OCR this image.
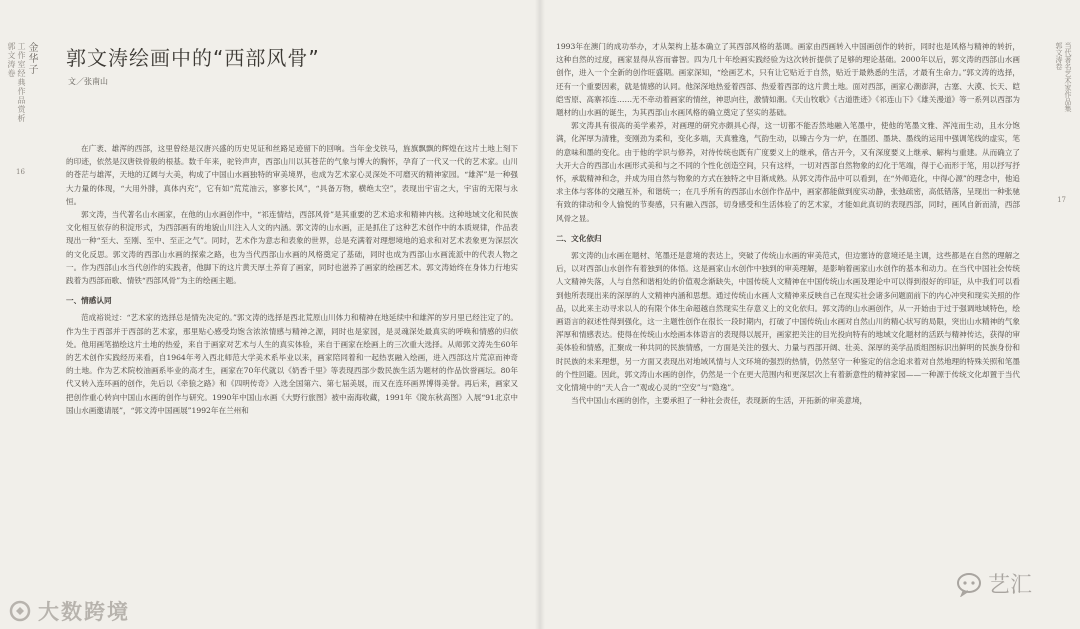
金华子
工作室经典作品赏析
郭文涛卷
16
郭文涛绘画中的“西部风骨”
文／张南山

在广袤、雄浑的西部，这里曾经是汉唐兴盛的历史见证和丝路足迹留下的回响。当年金戈铁马，旌旗飘飘的辉煌在这片土地上刻下的印迹，依然是汉唐铁骨般的根基。数千年来，驼铃声声，西部山川以其苍茫的气象与博大的胸怀，孕育了一代又一代的艺术家。山川的苍茫与雄浑，天地的辽阔与大美，构成了中国山水画独特的审美境界，也成为艺术家心灵深处不可磨灭的精神家园。“雄浑”是一种强大力量的体现，“大用外腓，真体内充”，它有如“荒荒油云，寥寥长风”，“具备万物，横绝太空”，表现出宇宙之大，宇宙的无限与永恒。

郭文涛，当代著名山水画家，在他的山水画创作中，“祁连情结，西部风骨”是其重要的艺术追求和精神内核。这种地域文化和民族文化相互依存的积淀形式，为西部画有的地貌山川注入人文的内涵。郭文涛的山水画，正是抓住了这种艺术创作中的本质规律，作品表现出一种“至大、至刚、至中、至正之气”。同时，艺术作为意志和表象的世界，总是充满着对理想境地的追求和对艺术表象更为深层次的文化反思。郭文涛的西部山水画的探索之路，也为当代西部山水画的风格奠定了基础，同时也成为西部山水画流派中的代表人物之一。作为西部山水当代创作的实践者，他脚下的这片黄天厚土养育了画家，同时也滋养了画家的绘画艺术。郭文涛始终在身体力行地实践着为西部而歌、情铁“西部风骨”为主的绘画主题。

一、情感认同

范成裕说过：“艺术家的选择总是情先决定的。”郭文涛的选择是西北荒原山川体力和精神在地延续中和雄浑的岁月里已经注定了的。作为生于西部并于西部的艺术家，那里贴心感受均饱含浓浓情感与精神之源，同时也是家园，是灵魂深处最真实的呼唤和情感的归依处。他用画笔描绘这片土地的热爱，来自于画家对艺术与人生的真实体验，来自于画家在绘画上的三次重大选择。从师郭文涛先生60年的艺术创作实践经历来看，自1964年考入西北师范大学美术系毕业以来，画家陪同着和一起热衷融入绘画，进入西部这片荒凉而神奇的土地。作为艺术院校油画系毕业的高才生，画家在70年代就以《奶香千里》等表现西部少数民族生活为题材的作品饮誉画坛。80年代又转入连环画的创作，先后以《牵狼之路》和《四明传奇》入选全国第六、第七届美展，而又在连环画界博得美誉。再后来，画家又把创作重心转向中国山水画的创作与研究。1990年中国山水画《大野行旅图》被中南海收藏，1991年《陇东秋高图》入展“91北京中国山水画邀请展”，“郭文涛中国画展”1992年在兰州和

1993年在澳门的成功举办，才从架构上基本确立了其西部风格的基调。画家由西画转入中国画创作的转折，同时也是风格与精神的转折，这种自然的过度，画家显得从容而睿智。四为几十年绘画实践经验为这次转折提供了足够的理论基础。2000年以后，郭文涛的西部山水画创作，进入一个全新的创作旺盛期。画家深知，“绘画艺术，只有让它贴近于自然，贴近于最熟悉的生活，才最有生命力。”郭文涛的选择，还有一个重要因素，就是情感的认同。他深深地热爱着西部、热爱着西部的这片黄土地。面对西部，画家心潮澎湃，古塞、大漠、长天、皑皑雪原、高寨祁连……无不牵动着画家的情丝，神思向往，激情如潮。《天山牧歌》《古道胜迹》《祁连山下》《雄关漫道》等一系列以西部为题材的山水画的诞生，为其西部山水画风格的确立奠定了坚实的基础。

郭文涛具有很高的美学素养，对画理的研究亦颇具心得，这一切都不能否然地融入笔墨中，使他的笔墨文雅、浑沌而生动，且水分饱满，化浑厚为清雅，变刚劲为柔和，变化多端，天真雅逸，气韵生动，以臻古今为一炉，在墨团、墨块、墨线的运用中强调笔线的虚实，笔的意味和墨的变化。由于他的学识与修养，对待传统也既有广度要义上的继承，借古开今，又有深度要义上继承、解构与重建。从而确立了大开大合的西部山水画形式美和与之不同的个性化创造空间，只有这样，一切对西部自然物象的幻化于笔端，得于心而形于笔，用以抒写抒怀，承载精神和念，并成为用自然与物象的方式在独特之中目渐成熟。从郭文涛作品中可以看到，在“外师造化，中得心源”的理念中，他追求主体与客体的交融互补，和谐统一；在几乎所有的西部山水创作作品中，画家都能做到度实动静，张弛疏密，高低错落，呈现出一种张驰有致的律动和令人愉悦的节奏感，只有融入西部，切身感受和生活体验了的艺术家，才能如此真切的表现西部，同时，画风自新而清，西部风骨之显。

二、文化依归

郭文涛的山水画在题材、笔墨还是意境的表达上，突破了传统山水画的审美范式，但边塞诗的意境还是主调，这些都是在自然的理解之后，以对西部山水创作有着独到的体悟。这是画家山水创作中独到的审美理解，是影响着画家山水创作的基本和动力。在当代中国社会传统人文精神失落，人与自然和谐相处的价值观念渐缺失，中国传统人文精神在中国传统山水画及理论中可以得到很好的印证，从中我们可以看到他所表现出来的深厚的人文精神内涵和思想。通过传统山水画人文精神来反映自己在现实社会诸多问题面前下的内心冲突和现实关照的作品，以此来主动寻求以人的有限个体生命超越自然现实生存意义上的文化依归。郭文涛的山水画创作，从一开始由于过于强调地域特色，绘画语言的叙述性得到强化，这一主题性创作在很长一段时期内，打破了中国传统山水画对自然山川的精心状写的局限，突出山水精神的气象浑厚和情感表达。使得在传统山水绘画本体语言的表现得以展开，画家把关注的目光投向特有的地域文化题材的活跃与精神传达，获得的审美体验和情感，汇聚成一种共同的民族情感，一方面是关注的强大、力量与西部开阔、壮美、深厚的美学品质组图标识出鲜明的民族身份和时民族的未来理想，另一方面又表现出对地域风情与人文环境的强烈的热情，仍然坚守一种鉴定的信念追求着对自然地理的特殊关照和笔墨的个性回避。因此，郭文涛山水画的创作，仍然是一个在更大范围内和更深层次上有着新意性的精神家园——一种源于传统文化却置于当代文化情境中的“天人合一”观或心灵的“空安”与“隐逸”。

当代中国山水画的创作，主要承担了一种社会责任，表现新的生活，开拓新的审美意境，

当代著名艺术家作品集
郭文涛卷
17
大数跨境
艺汇
